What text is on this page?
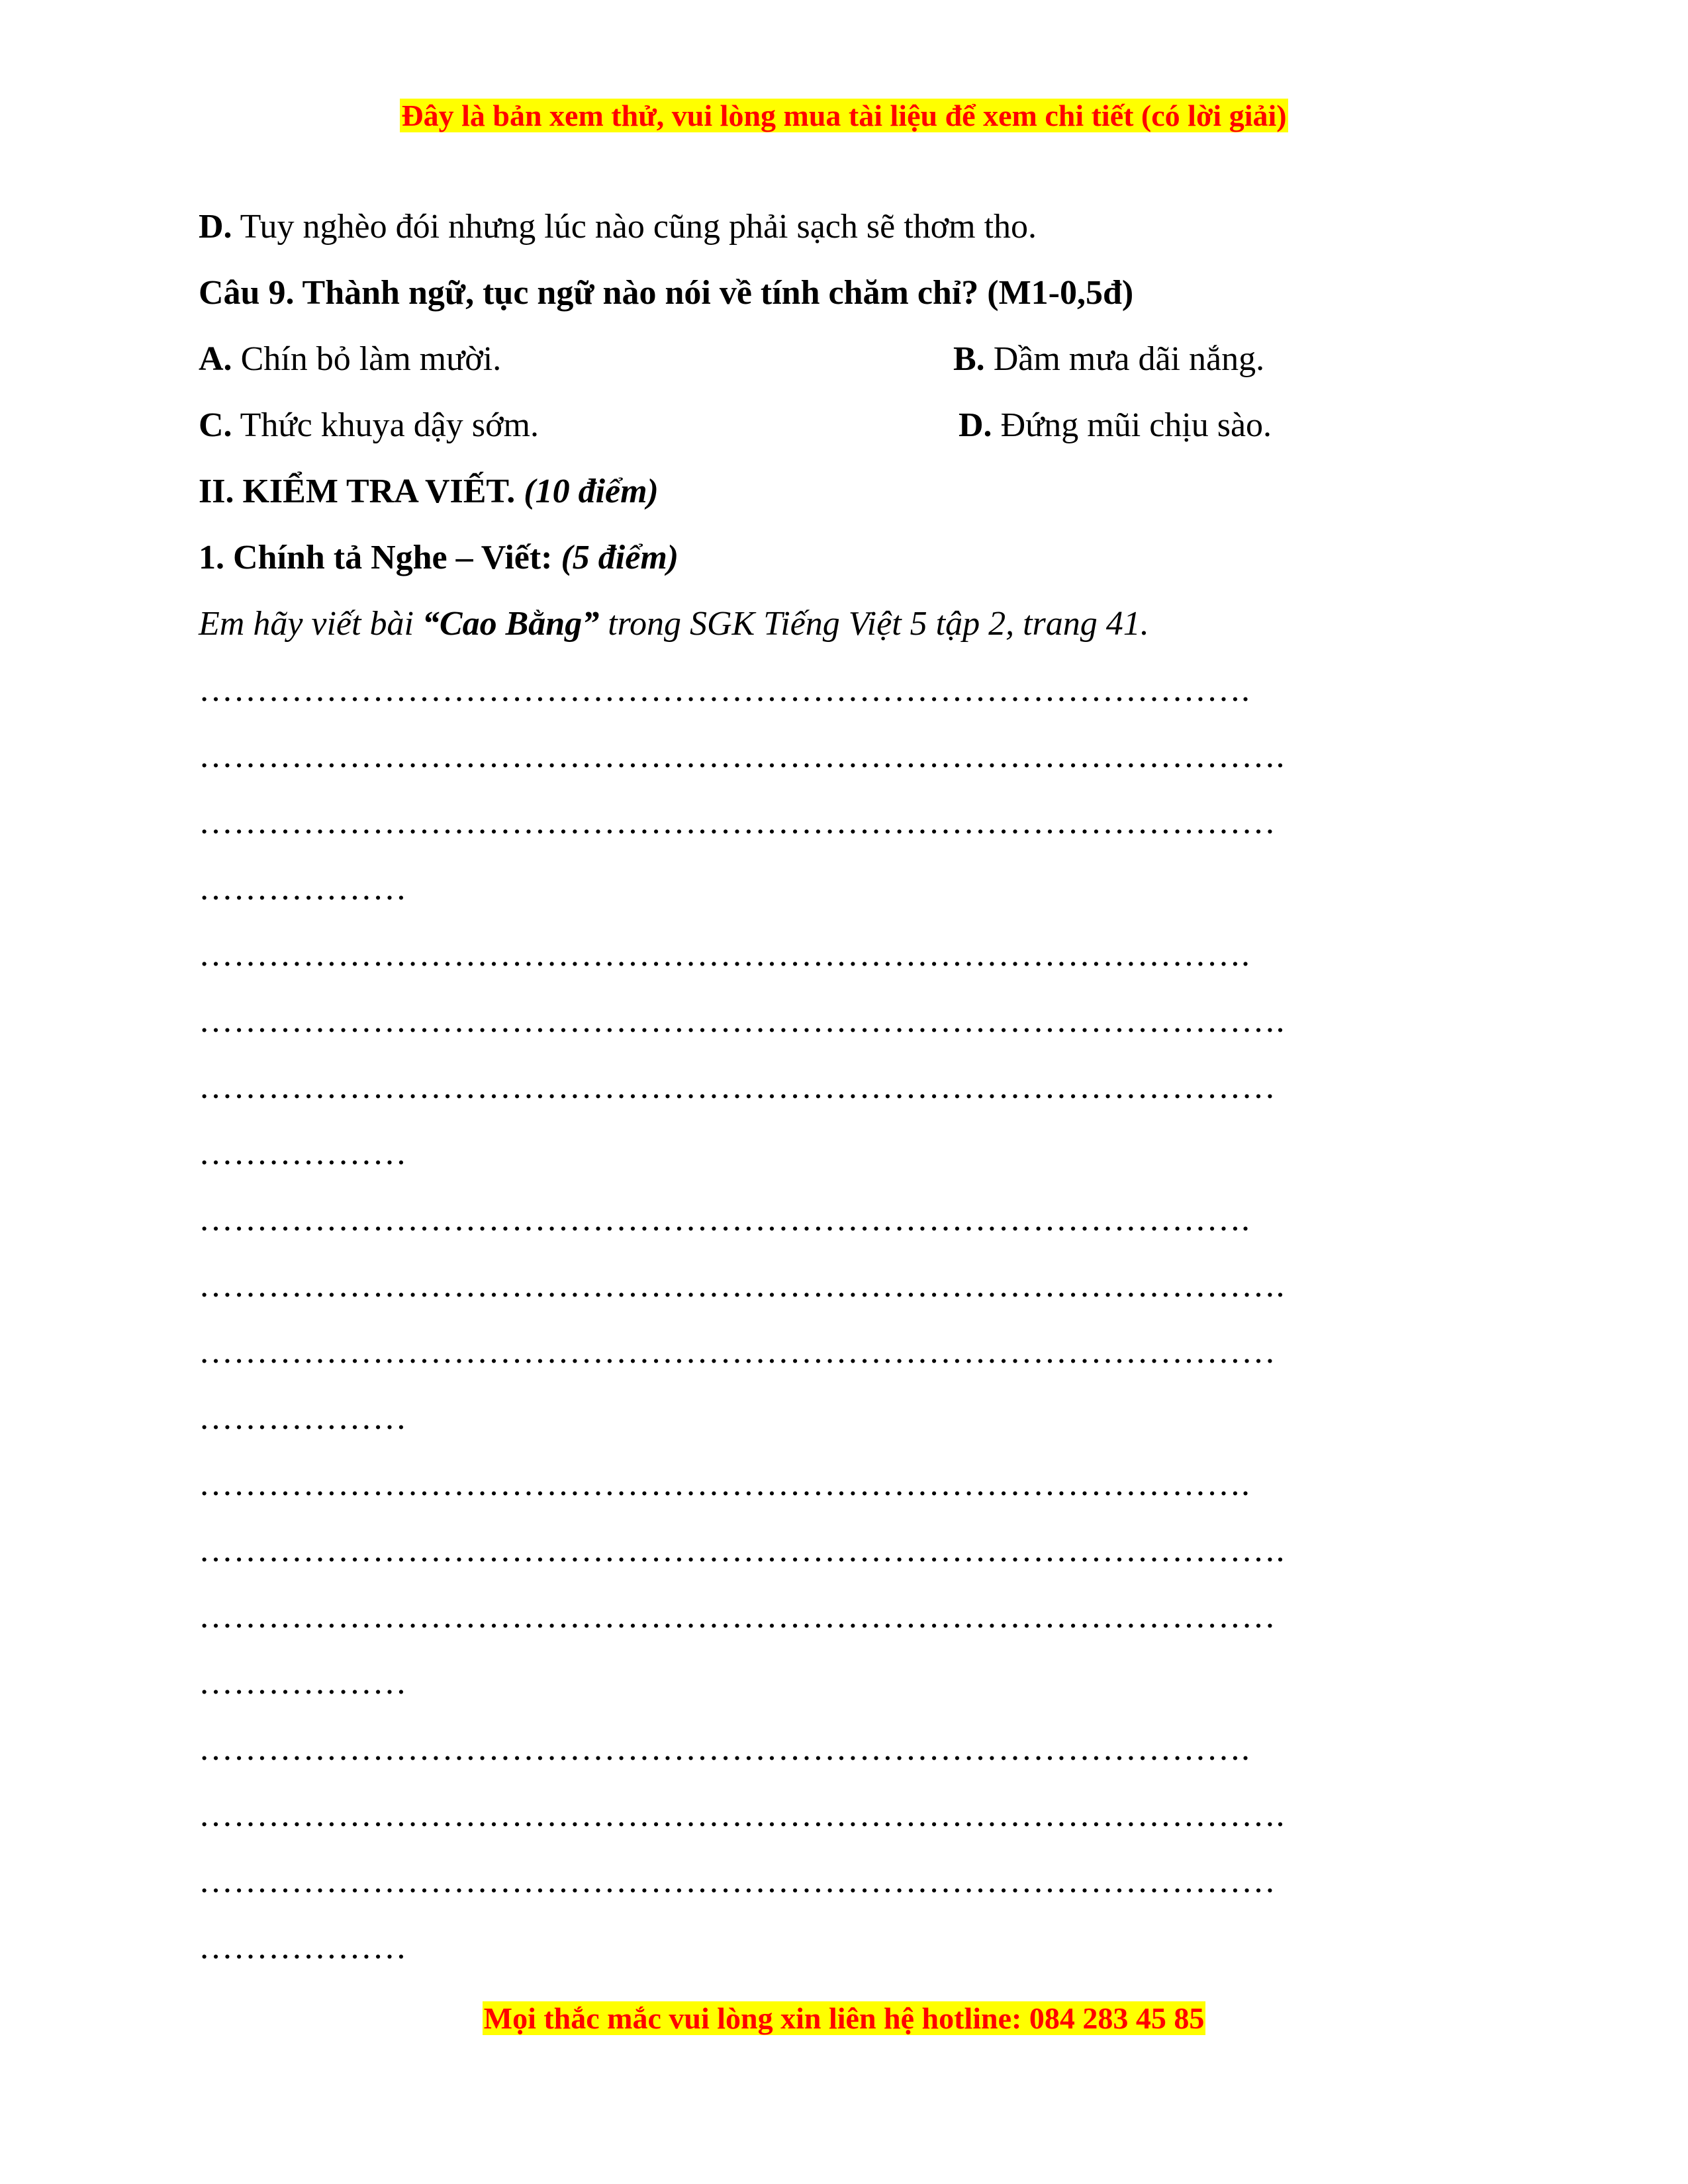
Đây là bản xem thử, vui lòng mua tài liệu để xem chi tiết (có lời giải)
D. Tuy nghèo đói nhưng lúc nào cũng phải sạch sẽ thơm tho.
Câu 9. Thành ngữ, tục ngữ nào nói về tính chăm chỉ? (M1-0,5đ)
A. Chín bỏ làm mười.	B. Dầm mưa dãi nắng.
C. Thức khuya dậy sớm.	D. Đứng mũi chịu sào.
II. KIỂM TRA VIẾT. (10 điểm)
1. Chính tả Nghe – Viết: (5 điểm)
Em hãy viết bài “Cao Bằng” trong SGK Tiếng Việt 5 tập 2, trang 41.
……………………………………………………………………………….
………………………………………………………………………………….
…………………………………………………………………………………
………………
……………………………………………………………………………….
………………………………………………………………………………….
…………………………………………………………………………………
………………
……………………………………………………………………………….
………………………………………………………………………………….
…………………………………………………………………………………
………………
……………………………………………………………………………….
………………………………………………………………………………….
…………………………………………………………………………………
………………
……………………………………………………………………………….
………………………………………………………………………………….
…………………………………………………………………………………
………………
Mọi thắc mắc vui lòng xin liên hệ hotline: 084 283 45 85
